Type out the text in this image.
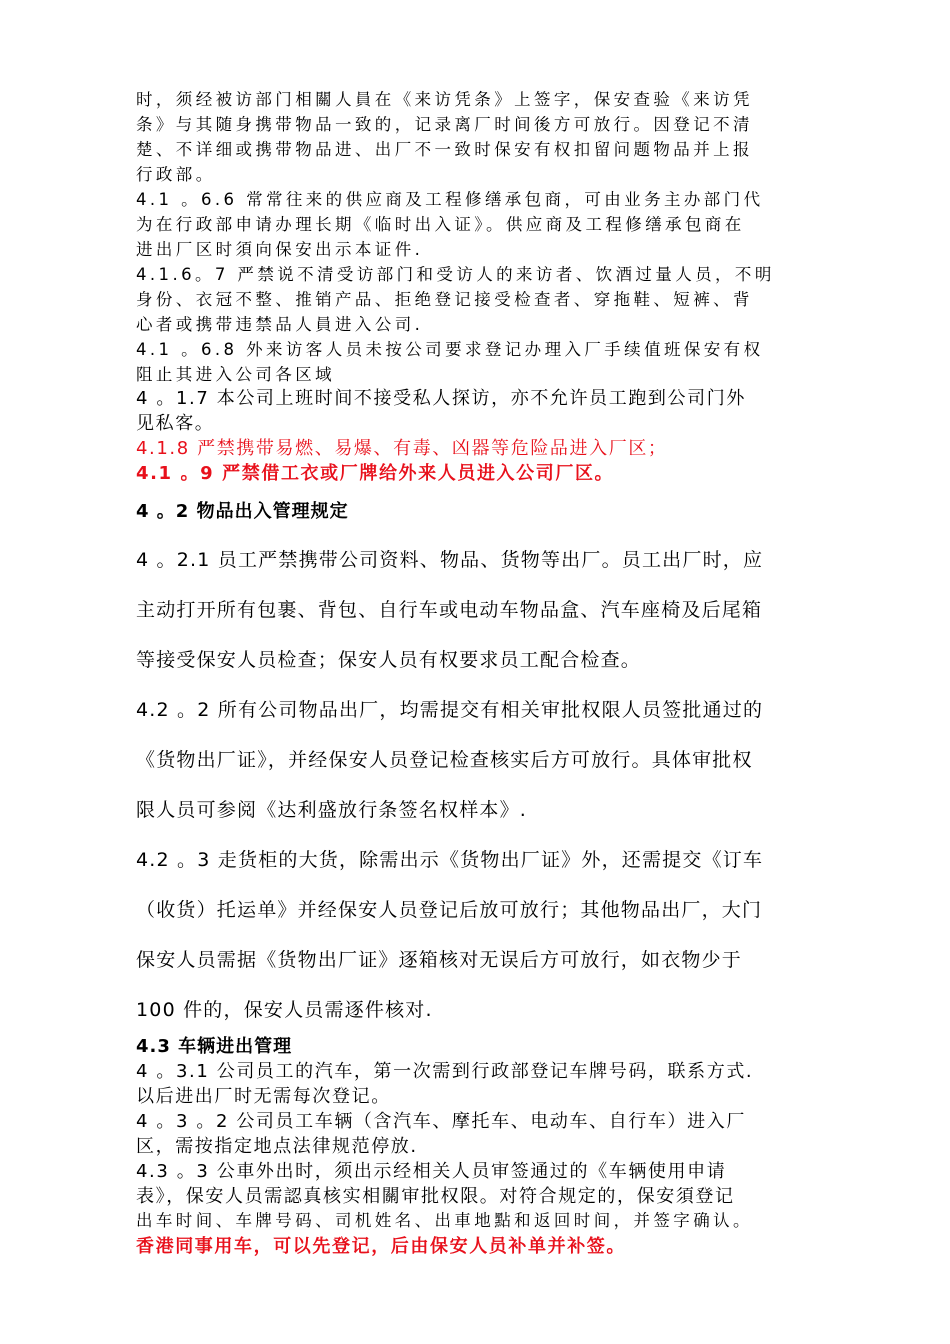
时，须经被访部门相關人員在《来访凭条》上签字，保安查验《来访凭
条》与其随身携带物品一致的，记录离厂时间後方可放行。因登记不清
楚、不详细或携带物品进、出厂不一致时保安有权扣留问题物品并上报
行政部。
4.1 。6.6 常常往来的供应商及工程修缮承包商，可由业务主办部门代
为在行政部申请办理长期《临时出入证》。供应商及工程修缮承包商在
进出厂区时須向保安出示本证件.
4.1.6。7 严禁说不清受访部门和受访人的来访者、饮酒过量人员，不明
身份、衣冠不整、推销产品、拒绝登记接受检查者、穿拖鞋、短裤、背
心者或携带违禁品人員进入公司.
4.1 。6.8 外来访客人员未按公司要求登记办理入厂手续值班保安有权
阻止其进入公司各区域
4 。1.7 本公司上班时间不接受私人探访，亦不允许员工跑到公司门外
见私客。
4.1.8 严禁携带易燃、易爆、有毒、凶器等危险品进入厂区；
4.1 。9 严禁借工衣或厂牌给外来人员进入公司厂区。
4 。2 物品出入管理规定
4 。2.1 员工严禁携带公司资料、物品、货物等出厂。员工出厂时，应
主动打开所有包裹、背包、自行车或电动车物品盒、汽车座椅及后尾箱
等接受保安人员检查；保安人员有权要求员工配合检查。
4.2 。2 所有公司物品出厂，均需提交有相关审批权限人员签批通过的
《货物出厂证》，并经保安人员登记检查核实后方可放行。具体审批权
限人员可参阅《达利盛放行条签名权样本》.
4.2 。3 走货柜的大货，除需出示《货物出厂证》外，还需提交《订车
（收货）托运单》并经保安人员登记后放可放行；其他物品出厂，大门
保安人员需据《货物出厂证》逐箱核对无误后方可放行，如衣物少于
100 件的，保安人员需逐件核对.
4.3 车辆进出管理
4 。3.1 公司员工的汽车，第一次需到行政部登记车牌号码，联系方式.
以后进出厂时无需每次登记。
4 。3 。2 公司员工车辆（含汽车、摩托车、电动车、自行车）进入厂
区，需按指定地点法律规范停放.
4.3 。3 公車外出时，须出示经相关人员审签通过的《车辆使用申请
表》，保安人员需認真核实相關审批权限。对符合规定的，保安須登记
出车时间、车牌号码、司机姓名、出車地點和返回时间，并签字确认。
香港同事用车，可以先登记，后由保安人员补单并补签。
